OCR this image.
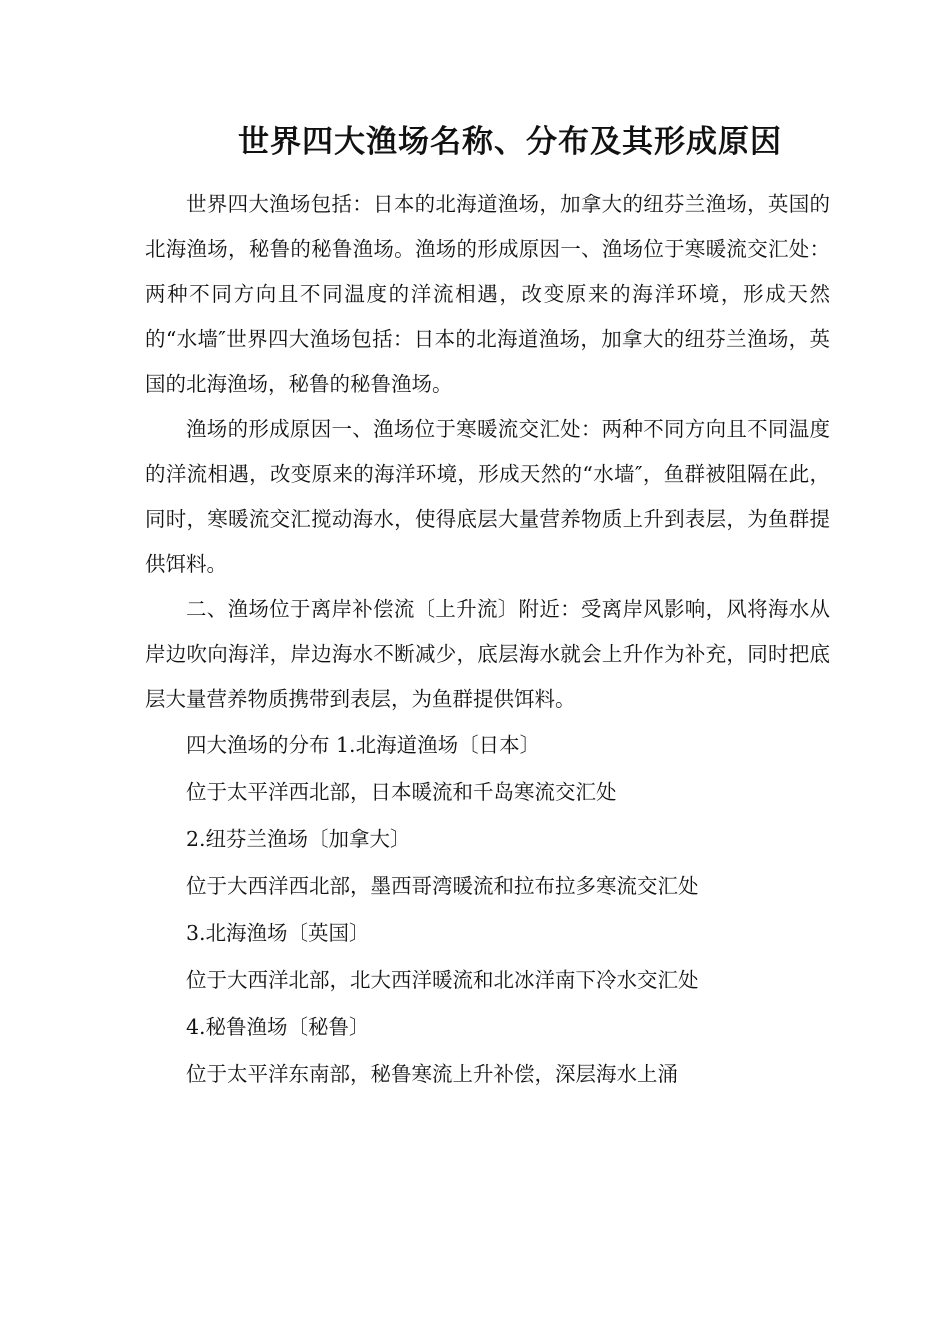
世界四大渔场名称、分布及其形成原因

世界四大渔场包括：日本的北海道渔场，加拿大的纽芬兰渔场，英国的北海渔场，秘鲁的秘鲁渔场。渔场的形成原因一、渔场位于寒暖流交汇处：两种不同方向且不同温度的洋流相遇，改变原来的海洋环境，形成天然的“水墙″世界四大渔场包括：日本的北海道渔场，加拿大的纽芬兰渔场，英国的北海渔场，秘鲁的秘鲁渔场。

渔场的形成原因一、渔场位于寒暖流交汇处：两种不同方向且不同温度的洋流相遇，改变原来的海洋环境，形成天然的“水墙″，鱼群被阻隔在此，同时，寒暖流交汇搅动海水，使得底层大量营养物质上升到表层，为鱼群提供饵料。

二、渔场位于离岸补偿流〔上升流〕附近：受离岸风影响，风将海水从岸边吹向海洋，岸边海水不断减少，底层海水就会上升作为补充，同时把底层大量营养物质携带到表层，为鱼群提供饵料。

四大渔场的分布 1.北海道渔场〔日本〕

位于太平洋西北部，日本暖流和千岛寒流交汇处

2.纽芬兰渔场〔加拿大〕

位于大西洋西北部，墨西哥湾暖流和拉布拉多寒流交汇处

3.北海渔场〔英国〕

位于大西洋北部，北大西洋暖流和北冰洋南下冷水交汇处

4.秘鲁渔场〔秘鲁〕

位于太平洋东南部，秘鲁寒流上升补偿，深层海水上涌
